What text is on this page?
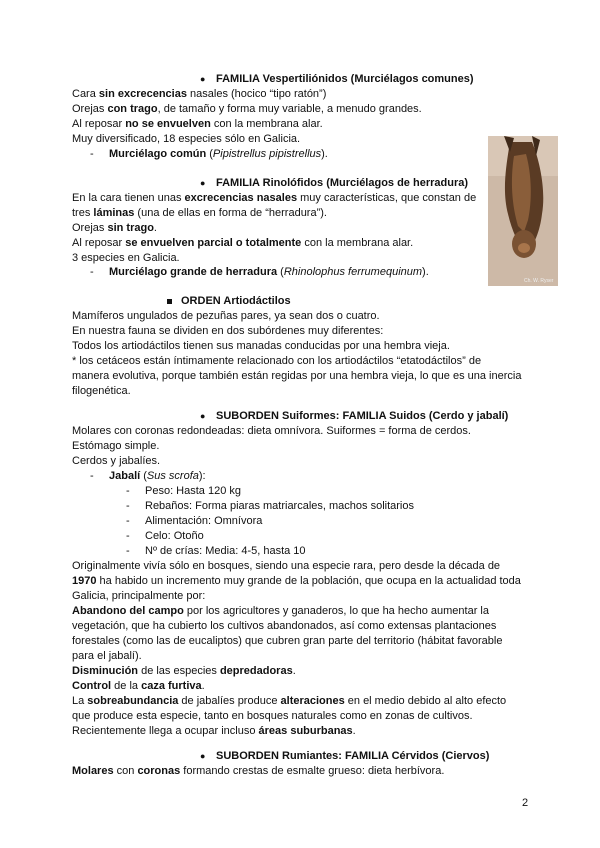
● FAMILIA Vespertiliónidos (Murciélagos comunes)
Cara sin excrecencias nasales (hocico “tipo ratón”)
Orejas con trago, de tamaño y forma muy variable, a menudo grandes.
Al reposar no se envuelven con la membrana alar.
Muy diversificado, 18 especies sólo en Galicia.
- Murciélago común (Pipistrellus pipistrellus).
Ch. W. Ryser
● FAMILIA Rinolófidos (Murciélagos de herradura)
En la cara tienen unas excrecencias nasales muy características, que constan de
tres láminas (una de ellas en forma de “herradura”).
Orejas sin trago.
Al reposar se envuelven parcial o totalmente con la membrana alar.
3 especies en Galicia.
- Murciélago grande de herradura (Rhinolophus ferrumequinum).
ORDEN Artiodáctilos
Mamíferos ungulados de pezuñas pares, ya sean dos o cuatro.
En nuestra fauna se dividen en dos subórdenes muy diferentes:
Todos los artiodáctilos tienen sus manadas conducidas por una hembra vieja.
* los cetáceos están íntimamente relacionado con los artiodáctilos “etatodáctilos” de
manera evolutiva, porque también están regidas por una hembra vieja, lo que es una inercia
filogenética.
● SUBORDEN Suiformes: FAMILIA Suidos (Cerdo y jabalí)
Molares con coronas redondeadas: dieta omnívora. Suiformes = forma de cerdos.
Estómago simple.
Cerdos y jabalíes.
- Jabalí (Sus scrofa):
- Peso: Hasta 120 kg
- Rebaños: Forma piaras matriarcales, machos solitarios
- Alimentación: Omnívora
- Celo: Otoño
- Nº de crías: Media: 4-5, hasta 10
Originalmente vivía sólo en bosques, siendo una especie rara, pero desde la década de
1970 ha habido un incremento muy grande de la población, que ocupa en la actualidad toda
Galicia, principalmente por:
Abandono del campo por los agricultores y ganaderos, lo que ha hecho aumentar la
vegetación, que ha cubierto los cultivos abandonados, así como extensas plantaciones
forestales (como las de eucaliptos) que cubren gran parte del territorio (hábitat favorable
para el jabalí).
Disminución de las especies depredadoras.
Control de la caza furtiva.
La sobreabundancia de jabalíes produce alteraciones en el medio debido al alto efecto
que produce esta especie, tanto en bosques naturales como en zonas de cultivos.
Recientemente llega a ocupar incluso áreas suburbanas.
● SUBORDEN Rumiantes: FAMILIA Cérvidos (Ciervos)
Molares con coronas formando crestas de esmalte grueso: dieta herbívora.
2
